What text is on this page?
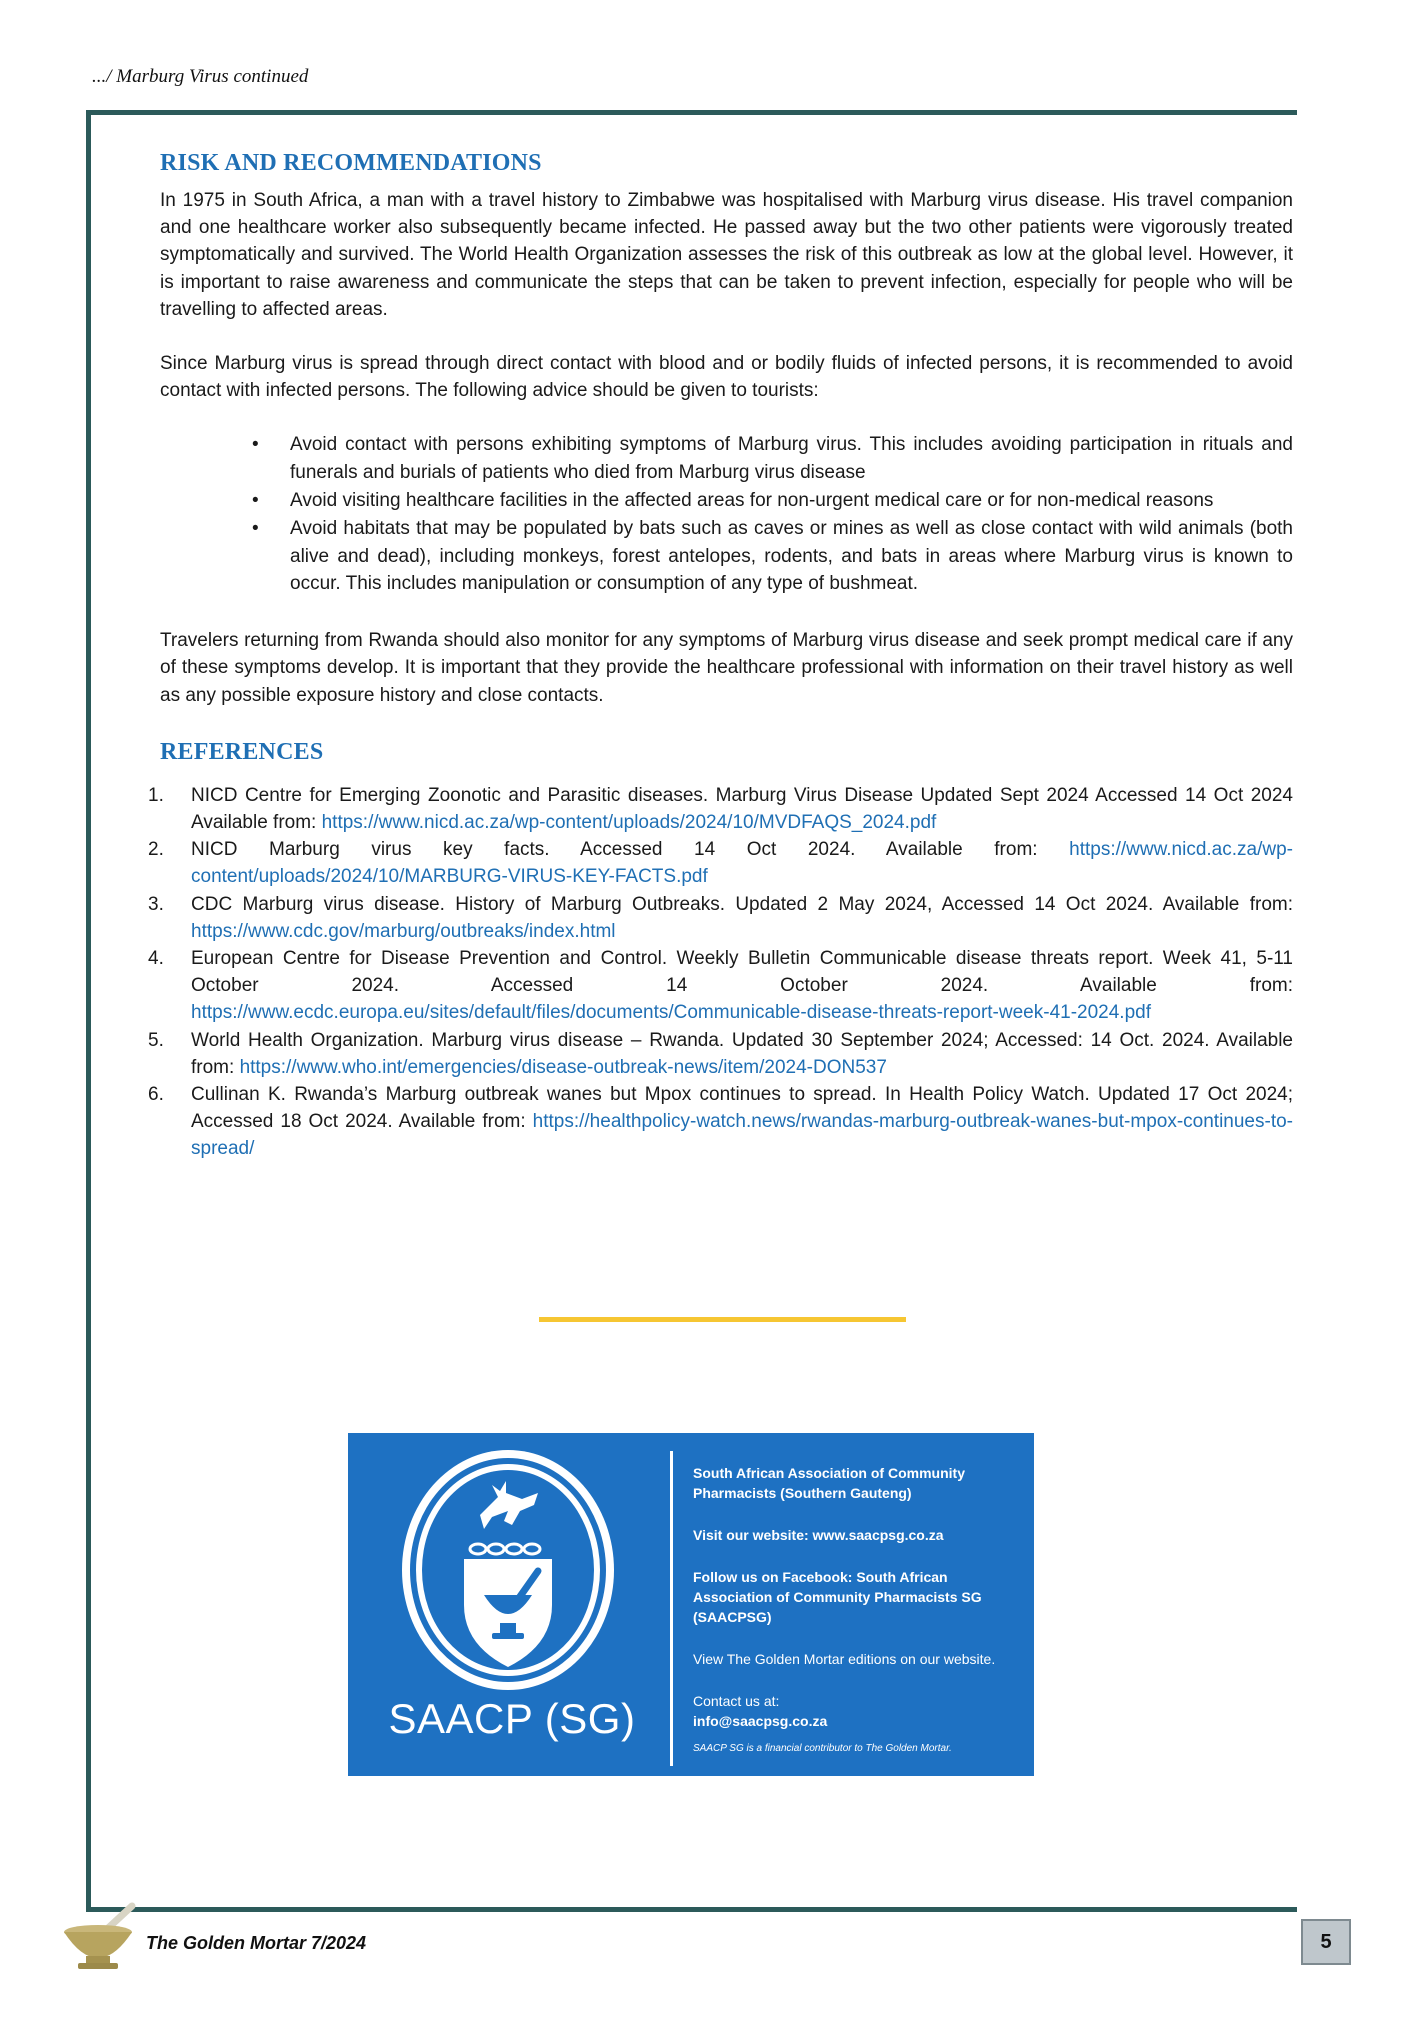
.../ Marburg Virus continued
RISK AND RECOMMENDATIONS

In 1975 in South Africa, a man with a travel history to Zimbabwe was hospitalised with Marburg virus disease. His travel companion and one healthcare worker also subsequently became infected. He passed away but the two other patients were vigorously treated symptomatically and survived. The World Health Organization assesses the risk of this outbreak as low at the global level. However, it is important to raise awareness and communicate the steps that can be taken to prevent infection, especially for people who will be travelling to affected areas.

Since Marburg virus is spread through direct contact with blood and or bodily fluids of infected persons, it is recommended to avoid contact with infected persons. The following advice should be given to tourists:

• Avoid contact with persons exhibiting symptoms of Marburg virus. This includes avoiding participation in rituals and funerals and burials of patients who died from Marburg virus disease
• Avoid visiting healthcare facilities in the affected areas for non-urgent medical care or for non-medical reasons
• Avoid habitats that may be populated by bats such as caves or mines as well as close contact with wild animals (both alive and dead), including monkeys, forest antelopes, rodents, and bats in areas where Marburg virus is known to occur. This includes manipulation or consumption of any type of bushmeat.

Travelers returning from Rwanda should also monitor for any symptoms of Marburg virus disease and seek prompt medical care if any of these symptoms develop. It is important that they provide the healthcare professional with information on their travel history as well as any possible exposure history and close contacts.

REFERENCES
1. NICD Centre for Emerging Zoonotic and Parasitic diseases. Marburg Virus Disease Updated Sept 2024 Accessed 14 Oct 2024 Available from: https://www.nicd.ac.za/wp-content/uploads/2024/10/MVDFAQS_2024.pdf
2. NICD Marburg virus key facts. Accessed 14 Oct 2024. Available from: https://www.nicd.ac.za/wp-content/uploads/2024/10/MARBURG-VIRUS-KEY-FACTS.pdf
3. CDC Marburg virus disease. History of Marburg Outbreaks. Updated 2 May 2024, Accessed 14 Oct 2024. Available from: https://www.cdc.gov/marburg/outbreaks/index.html
4. European Centre for Disease Prevention and Control. Weekly Bulletin Communicable disease threats report. Week 41, 5-11 October 2024. Accessed 14 October 2024. Available from: https://www.ecdc.europa.eu/sites/default/files/documents/Communicable-disease-threats-report-week-41-2024.pdf
5. World Health Organization. Marburg virus disease – Rwanda. Updated 30 September 2024; Accessed: 14 Oct. 2024. Available from: https://www.who.int/emergencies/disease-outbreak-news/item/2024-DON537
6. Cullinan K. Rwanda’s Marburg outbreak wanes but Mpox continues to spread. In Health Policy Watch. Updated 17 Oct 2024; Accessed 18 Oct 2024. Available from: https://healthpolicy-watch.news/rwandas-marburg-outbreak-wanes-but-mpox-continues-to-spread/
SAACP (SG)
South African Association of Community Pharmacists (Southern Gauteng)
Visit our website: www.saacpsg.co.za
Follow us on Facebook: South African Association of Community Pharmacists SG (SAACPSG)
View The Golden Mortar editions on our website.
Contact us at:
info@saacpsg.co.za
SAACP SG is a financial contributor to The Golden Mortar.
The Golden Mortar 7/2024	5
